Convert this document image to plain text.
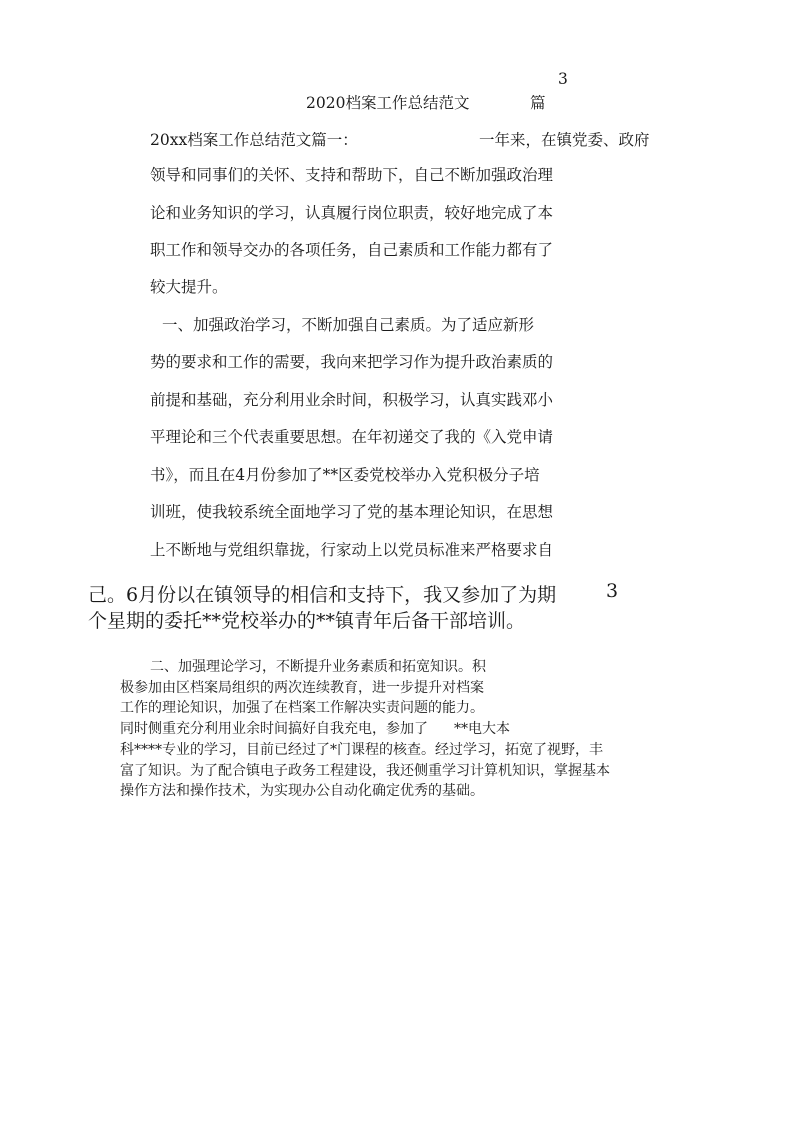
3
2020档案工作总结范文	篇
20xx档案工作总结范文篇一：	一年来，在镇党委、政府
领导和同事们的关怀、支持和帮助下，自己不断加强政治理
论和业务知识的学习，认真履行岗位职责，较好地完成了本
职工作和领导交办的各项任务，自己素质和工作能力都有了
较大提升。
一、加强政治学习，不断加强自己素质。为了适应新形
势的要求和工作的需要，我向来把学习作为提升政治素质的
前提和基础，充分利用业余时间，积极学习，认真实践邓小
平理论和三个代表重要思想。在年初递交了我的《入党申请
书》，而且在4月份参加了**区委党校举办入党积极分子培
训班，使我较系统全面地学习了党的基本理论知识，在思想
上不断地与党组织靠拢，行家动上以党员标准来严格要求自
己。6月份以在镇领导的相信和支持下，我又参加了为期	3
个星期的委托**党校举办的**镇青年后备干部培训。
二、加强理论学习，不断提升业务素质和拓宽知识。积
极参加由区档案局组织的两次连续教育，进一步提升对档案
工作的理论知识，加强了在档案工作解决实责问题的能力。
同时侧重充分利用业余时间搞好自我充电，参加了 **电大本
科****专业的学习，目前已经过了*门课程的核查。经过学习，拓宽了视野，丰
富了知识。为了配合镇电子政务工程建设，我还侧重学习计算机知识，掌握基本
操作方法和操作技术，为实现办公自动化确定优秀的基础。
